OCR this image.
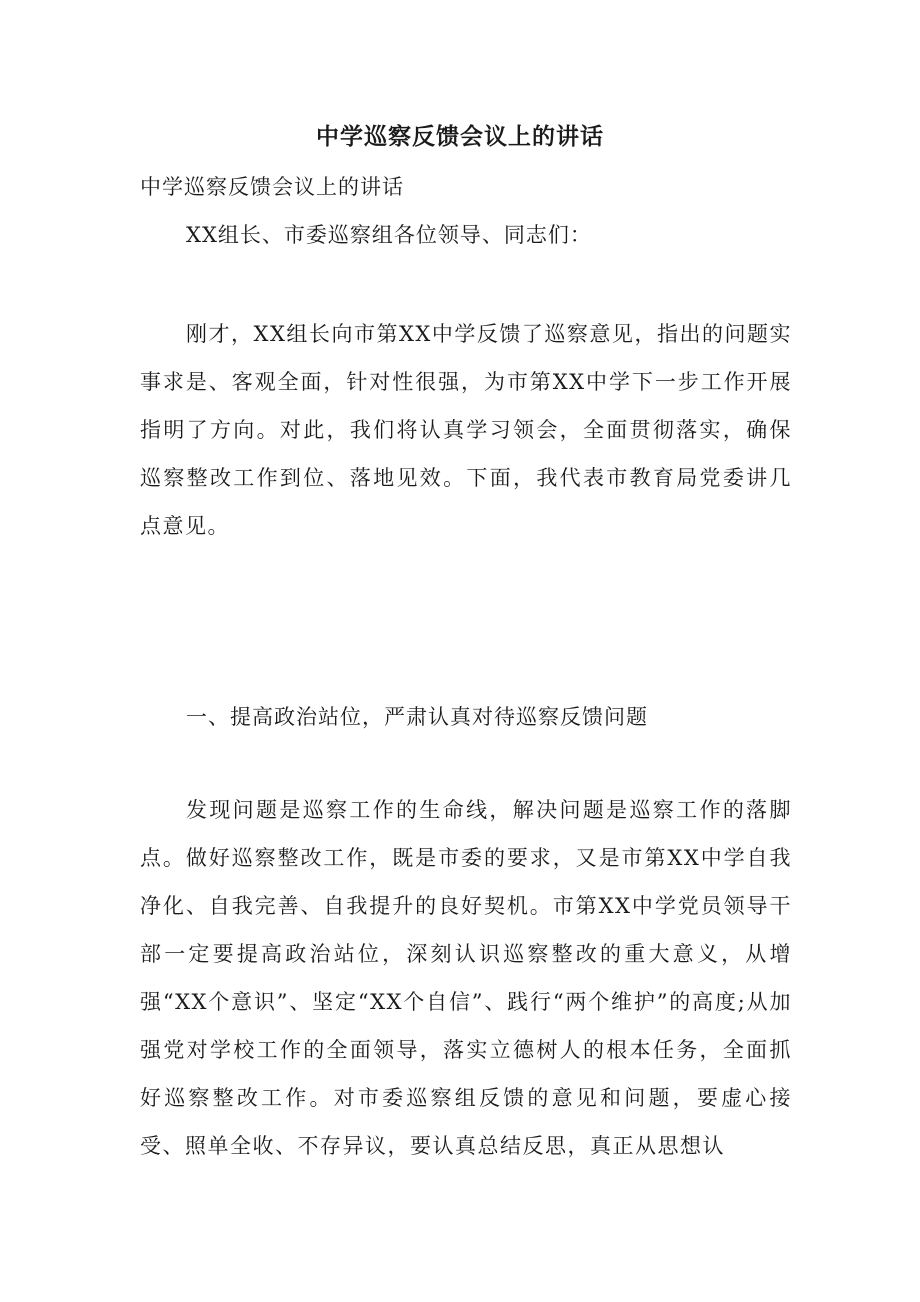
中学巡察反馈会议上的讲话
中学巡察反馈会议上的讲话
XX组长、市委巡察组各位领导、同志们：
刚才，XX组长向市第XX中学反馈了巡察意见，指出的问题实事求是、客观全面，针对性很强，为市第XX中学下一步工作开展指明了方向。对此，我们将认真学习领会，全面贯彻落实，确保巡察整改工作到位、落地见效。下面，我代表市教育局党委讲几点意见。
一、提高政治站位，严肃认真对待巡察反馈问题
发现问题是巡察工作的生命线，解决问题是巡察工作的落脚点。做好巡察整改工作，既是市委的要求，又是市第XX中学自我净化、自我完善、自我提升的良好契机。市第XX中学党员领导干部一定要提高政治站位，深刻认识巡察整改的重大意义，从增强“XX个意识”、坚定“XX个自信”、践行“两个维护”的高度;从加强党对学校工作的全面领导，落实立德树人的根本任务，全面抓好巡察整改工作。对市委巡察组反馈的意见和问题，要虚心接受、照单全收、不存异议，要认真总结反思，真正从思想认
